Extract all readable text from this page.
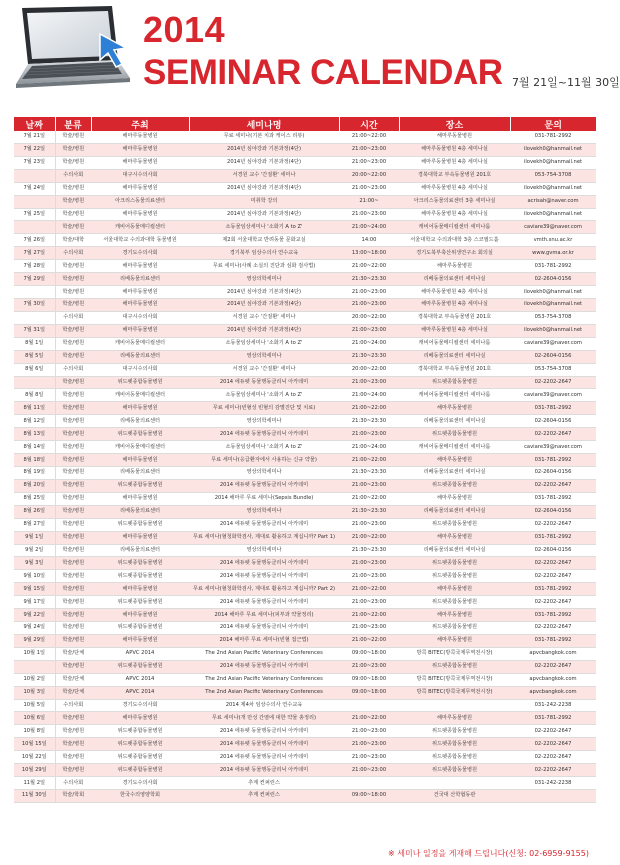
2014
SEMINAR CALENDAR 7월 21일~11월 30일
날짜	분류	주최	세미나명	시간	장소	문의
7월 21일	학술/병원	해마루동물병원	무료 세미나(기본 치과 케이스 리뷰)	21:00~22:00	해마루동물병원	031-781-2992
7월 22일	학술/병원	해마루동물병원	2014년 심야강좌 기본과정(4단)	21:00~23:00	해마루동물병원 4층 세미나실	ilovekh0@hanmail.net
7월 23일	학술/병원	해마루동물병원	2014년 심야강좌 기본과정(4단)	21:00~23:00	해마루동물병원 4층 세미나실	ilovekh0@hanmail.net
	수의사회	대구시수의사회	서경원 교수 '간질환' 세미나	20:00~22:00	경북대학교 부속동물병원 201호	053-754-3708
7월 24일	학술/병원	해마루동물병원	2014년 심야강좌 기본과정(4단)	21:00~23:00	해마루동물병원 4층 세미나실	ilovekh0@hanmail.net
	학술/병원	아크리스동물의료센터	미취학 강의	21:00~	아크리스동물의료센터 3층 세미나실	acrisah@naver.com
7월 25일	학술/병원	해마루동물병원	2014년 심야강좌 기본과정(4단)	21:00~23:00	해마루동물병원 4층 세미나실	ilovekh0@hanmail.net
	학술/병원	캐비어동물메디컬센터	소동물임상세미나 '소화기 A to Z'	21:00~24:00	캐비어동물메디컬센터 세미나룸	caviare39@naver.com
7월 26일	학술/대학	서울대학교 수의과대학 동물병원	제2회 서울대학교 반려동물 문화교실	14:00	서울대학교 수의과대학 3층 스코필드홀	vmth.snu.ac.kr
7월 27일	수의사회	경기도수의사회	경기북부 임상수의사 연수교육	13:00~18:00	경기도북부축산위생연구소 회의실	www.gvma.or.kr
7월 28일	학술/병원	해마루동물병원	무료 세미나(사례 소실의 진단과 심화 검사법)	21:00~22:00	해마루동물병원	031-781-2992
7월 29일	학술/병원	리베동물의료센터	영상의학세미나	21:30~23:30	리베동물의료센터 세미나실	02-2604-0156
	학술/병원	해마루동물병원	2014년 심야강좌 기본과정(4단)	21:00~23:00	해마루동물병원 4층 세미나실	ilovekh0@hanmail.net
7월 30일	학술/병원	해마루동물병원	2014년 심야강좌 기본과정(4단)	21:00~23:00	해마루동물병원 4층 세미나실	ilovekh0@hanmail.net
	수의사회	대구시수의사회	서경원 교수 '간질환' 세미나	20:00~22:00	경북대학교 부속동물병원 201호	053-754-3708
7월 31일	학술/병원	해마루동물병원	2014년 심야강좌 기본과정(4단)	21:00~23:00	해마루동물병원 4층 세미나실	ilovekh0@hanmail.net
8월 1일	학술/병원	캐비어동물메디컬센터	소동물임상세미나 '소화기 A to Z'	21:00~24:00	캐비어동물메디컬센터 세미나룸	caviare39@naver.com
8월 5일	학술/병원	리베동물의료센터	영상의학세미나	21:30~23:30	리베동물의료센터 세미나실	02-2604-0156
8월 6일	수의사회	대구시수의사회	서경원 교수 '간질환' 세미나	20:00~22:00	경북대학교 부속동물병원 201호	053-754-3708
	학술/병원	위드펫종합동물병원	2014 에듀펫 동물행동클리닉 아카데미	21:00~23:00	위드펫종합동물병원	02-2202-2647
8월 8일	학술/병원	캐비어동물메디컬센터	소동물임상세미나 '소화기 A to Z'	21:00~24:00	캐비어동물메디컬센터 세미나룸	caviare39@naver.com
8월 11일	학술/병원	해마루동물병원	무료 세미나(빈혈성 빈혈의 감별진단 및 치료)	21:00~22:00	해마루동물병원	031-781-2992
8월 12일	학술/병원	리베동물의료센터	영상의학세미나	21:30~23:30	리베동물의료센터 세미나실	02-2604-0156
8월 13일	학술/병원	위드펫종합동물병원	2014 에듀펫 동물행동클리닉 아카데미	21:00~23:00	위드펫종합동물병원	02-2202-2647
8월 14일	학술/병원	캐비어동물메디컬센터	소동물임상세미나 '소화기 A to Z'	21:00~24:00	캐비어동물메디컬센터 세미나룸	caviare39@naver.com
8월 18일	학술/병원	해마루동물병원	무료 세미나(응급환자에서 사용하는 신규 약물)	21:00~22:00	해마루동물병원	031-781-2992
8월 19일	학술/병원	리베동물의료센터	영상의학세미나	21:30~23:30	리베동물의료센터 세미나실	02-2604-0156
8월 20일	학술/병원	위드펫종합동물병원	2014 에듀펫 동물행동클리닉 아카데미	21:00~23:00	위드펫종합동물병원	02-2202-2647
8월 25일	학술/병원	해마루동물병원	2014 해마루 무료 세미나(Sepsis Bundle)	21:00~22:00	해마루동물병원	031-781-2992
8월 26일	학술/병원	리베동물의료센터	영상의학세미나	21:30~23:30	리베동물의료센터 세미나실	02-2604-0156
8월 27일	학술/병원	위드펫종합동물병원	2014 에듀펫 동물행동클리닉 아카데미	21:00~23:00	위드펫종합동물병원	02-2202-2647
9월 1일	학술/병원	해마루동물병원	무료 세미나(혈청화학검사, 제대로 활용하고 계십니까? Part 1)	21:00~22:00	해마루동물병원	031-781-2992
9월 2일	학술/병원	리베동물의료센터	영상의학세미나	21:30~23:30	리베동물의료센터 세미나실	02-2604-0156
9월 3일	학술/병원	위드펫종합동물병원	2014 에듀펫 동물행동클리닉 아카데미	21:00~23:00	위드펫종합동물병원	02-2202-2647
9월 10일	학술/병원	위드펫종합동물병원	2014 에듀펫 동물행동클리닉 아카데미	21:00~23:00	위드펫종합동물병원	02-2202-2647
9월 15일	학술/병원	해마루동물병원	무료 세미나(혈청화학검사, 제대로 활용하고 계십니까? Part 2)	21:00~22:00	해마루동물병원	031-781-2992
9월 17일	학술/병원	위드펫종합동물병원	2014 에듀펫 동물행동클리닉 아카데미	21:00~23:00	위드펫종합동물병원	02-2202-2647
9월 22일	학술/병원	해마루동물병원	2014 해마루 무료 세미나(피부과 약물정리)	21:00~22:00	해마루동물병원	031-781-2992
9월 24일	학술/병원	위드펫종합동물병원	2014 에듀펫 동물행동클리닉 아카데미	21:00~23:00	위드펫종합동물병원	02-2202-2647
9월 29일	학술/병원	해마루동물병원	2014 해마루 무료 세미나(빈혈 접근법)	21:00~22:00	해마루동물병원	031-781-2992
10월 1일	학술/단체	APVC 2014	The 2nd Asian Pacific Veterinary Conferences	09:00~18:00	방콕 BITEC(방콕국제무역전시장)	apvcbangkok.com
	학술/병원	위드펫종합동물병원	2014 에듀펫 동물행동클리닉 아카데미	21:00~23:00	위드펫종합동물병원	02-2202-2647
10월 2일	학술/단체	APVC 2014	The 2nd Asian Pacific Veterinary Conferences	09:00~18:00	방콕 BITEC(방콕국제무역전시장)	apvcbangkok.com
10월 3일	학술/단체	APVC 2014	The 2nd Asian Pacific Veterinary Conferences	09:00~18:00	방콕 BITEC(방콕국제무역전시장)	apvcbangkok.com
10월 5일	수의사회	경기도수의사회	2014 제4차 임상수의사 연수교육			031-242-2238
10월 6일	학술/병원	해마루동물병원	무료 세미나(개 만성 간염에 대한 약물 총정리)	21:00~22:00	해마루동물병원	031-781-2992
10월 8일	학술/병원	위드펫종합동물병원	2014 에듀펫 동물행동클리닉 아카데미	21:00~23:00	위드펫종합동물병원	02-2202-2647
10월 15일	학술/병원	위드펫종합동물병원	2014 에듀펫 동물행동클리닉 아카데미	21:00~23:00	위드펫종합동물병원	02-2202-2647
10월 22일	학술/병원	위드펫종합동물병원	2014 에듀펫 동물행동클리닉 아카데미	21:00~23:00	위드펫종합동물병원	02-2202-2647
10월 29일	학술/병원	위드펫종합동물병원	2014 에듀펫 동물행동클리닉 아카데미	21:00~23:00	위드펫종합동물병원	02-2202-2647
11월 2일	수의사회	경기도수의사회	추계 컨퍼런스			031-242-2238
11월 30일	학술/학회	한국수의영양학회	추계 컨퍼런스	09:00~18:00	건국대 산학협동관	
※ 세미나 일정을 게재해 드립니다(신청: 02-6959-9155)
